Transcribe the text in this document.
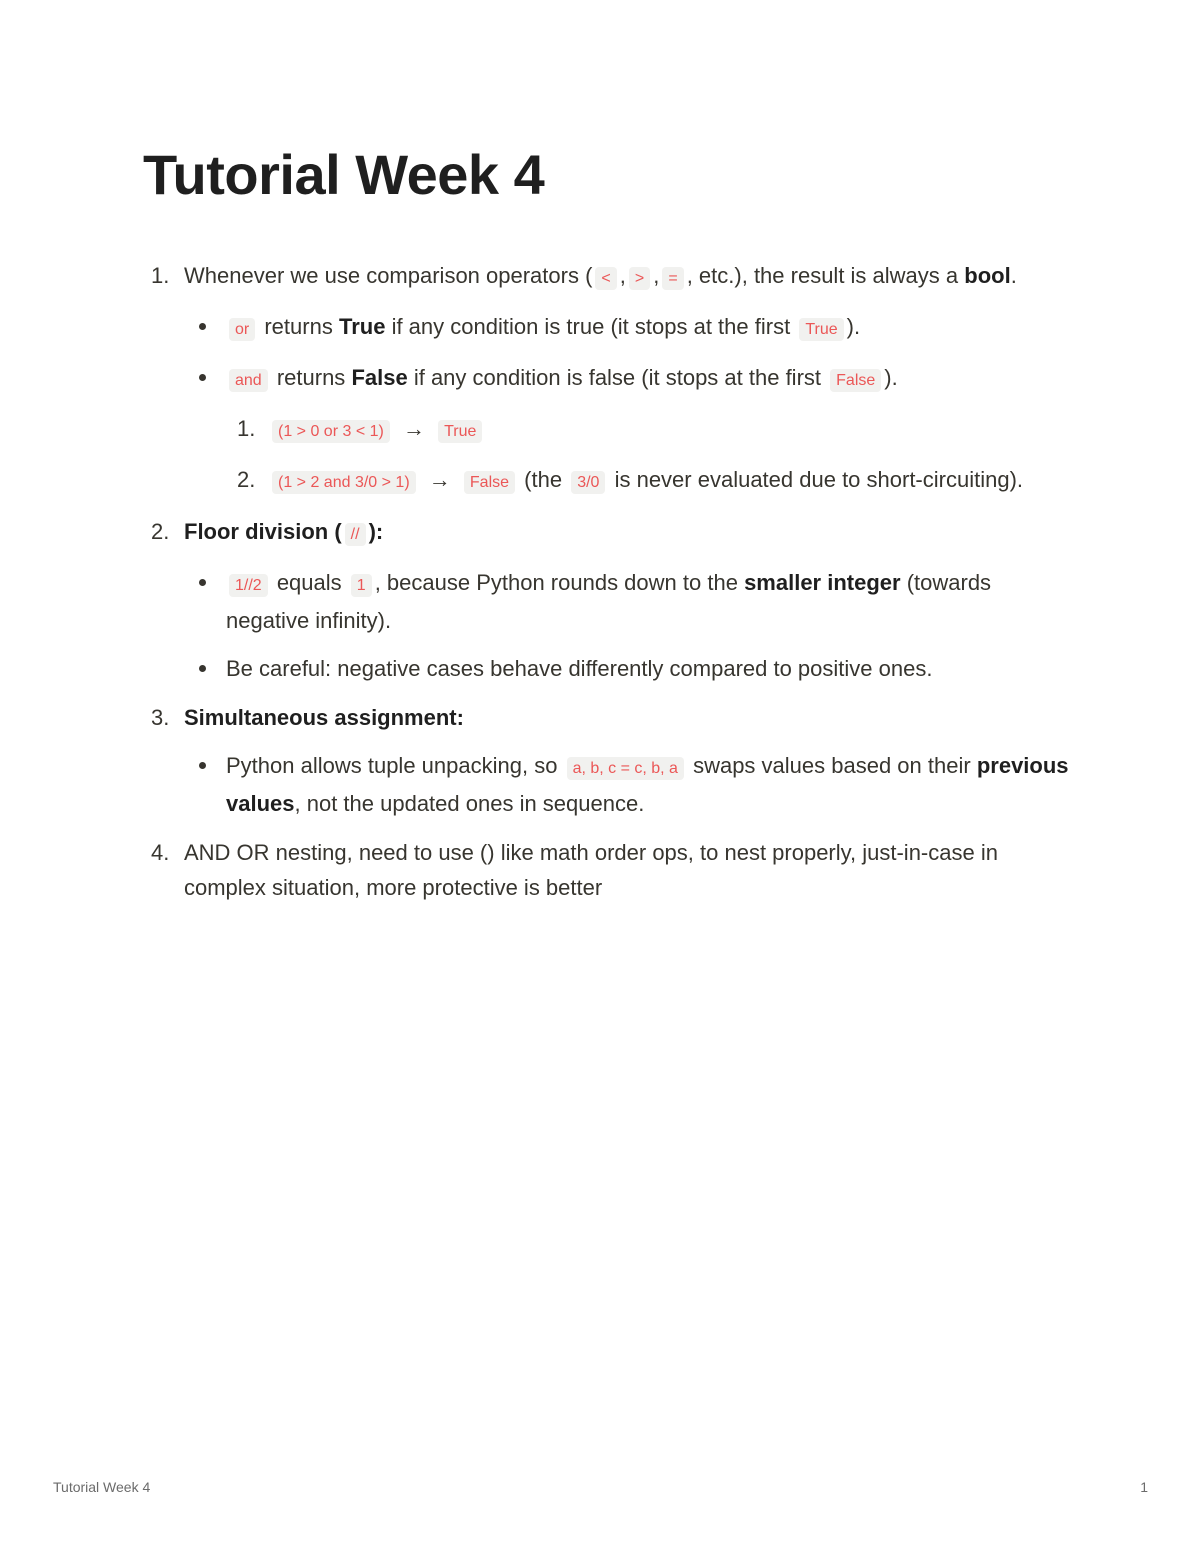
Tutorial Week 4
1. Whenever we use comparison operators ( < , > , = , etc.), the result is always a bool.
or returns True if any condition is true (it stops at the first True ).
and returns False if any condition is false (it stops at the first False ).
1. (1 > 0 or 3 < 1) → True
2. (1 > 2 and 3/0 > 1) → False (the 3/0 is never evaluated due to short-circuiting).
2. Floor division ( // ):
1//2 equals 1 , because Python rounds down to the smaller integer (towards negative infinity).
Be careful: negative cases behave differently compared to positive ones.
3. Simultaneous assignment:
Python allows tuple unpacking, so a, b, c = c, b, a swaps values based on their previous values, not the updated ones in sequence.
4. AND OR nesting, need to use () like math order ops, to nest properly, just-in-case in complex situation, more protective is better
Tutorial Week 4	1
